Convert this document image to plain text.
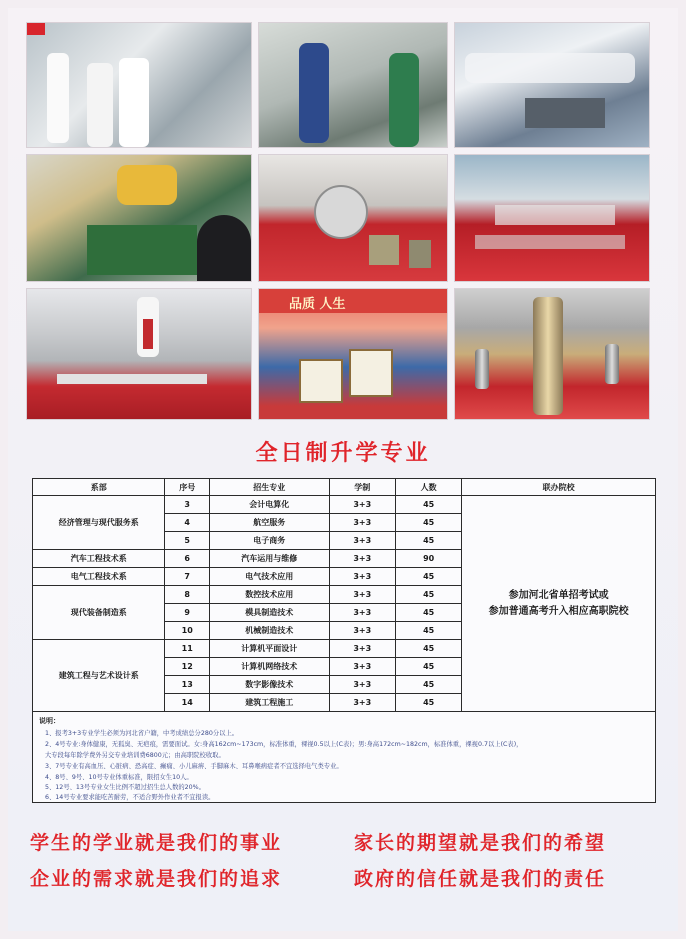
品质 人生
全日制升学专业
系部	序号	招生专业	学制	人数	联办院校
经济管理与现代服务系	3	会计电算化	3+3	45	参加河北省单招考试或
参加普通高考升入相应高职院校
	4	航空服务	3+3	45	
	5	电子商务	3+3	45	
汽车工程技术系	6	汽车运用与维修	3+3	90	
电气工程技术系	7	电气技术应用	3+3	45	
现代装备制造系	8	数控技术应用	3+3	45	
	9	模具制造技术	3+3	45	
	10	机械制造技术	3+3	45	
建筑工程与艺术设计系	11	计算机平面设计	3+3	45	
	12	计算机网络技术	3+3	45	
	13	数字影像技术	3+3	45	
	14	建筑工程施工	3+3	45	
说明：
1、报考3+3专业学生必须为河北省户籍，中考成绩总分280分以上。
2、4号专业:身体健康，无狐臭、无疤痕，需要面试。女:身高162cm~173cm，标准体重，裸视0.5以上(C表)；男:身高172cm~182cm，标准体重，裸视0.7以上(C表)，
大专段每年除学费外另交专业培训费6800元；由高职院校收取。
3、7号专业有高血压、心脏病、恐高症、癫痫、小儿麻痹、手脚麻木、耳鼻喉病症者不宜选择电气类专业。
4、8号、9号、10号专业体重标准，限招女生10人。
5、12号、13号专业女生比例不超过招生总人数的20%。
6、14号专业要求能吃苦耐劳，不适合野外作业者不宜报读。
学生的学业就是我们的事业	家长的期望就是我们的希望
企业的需求就是我们的追求	政府的信任就是我们的责任
